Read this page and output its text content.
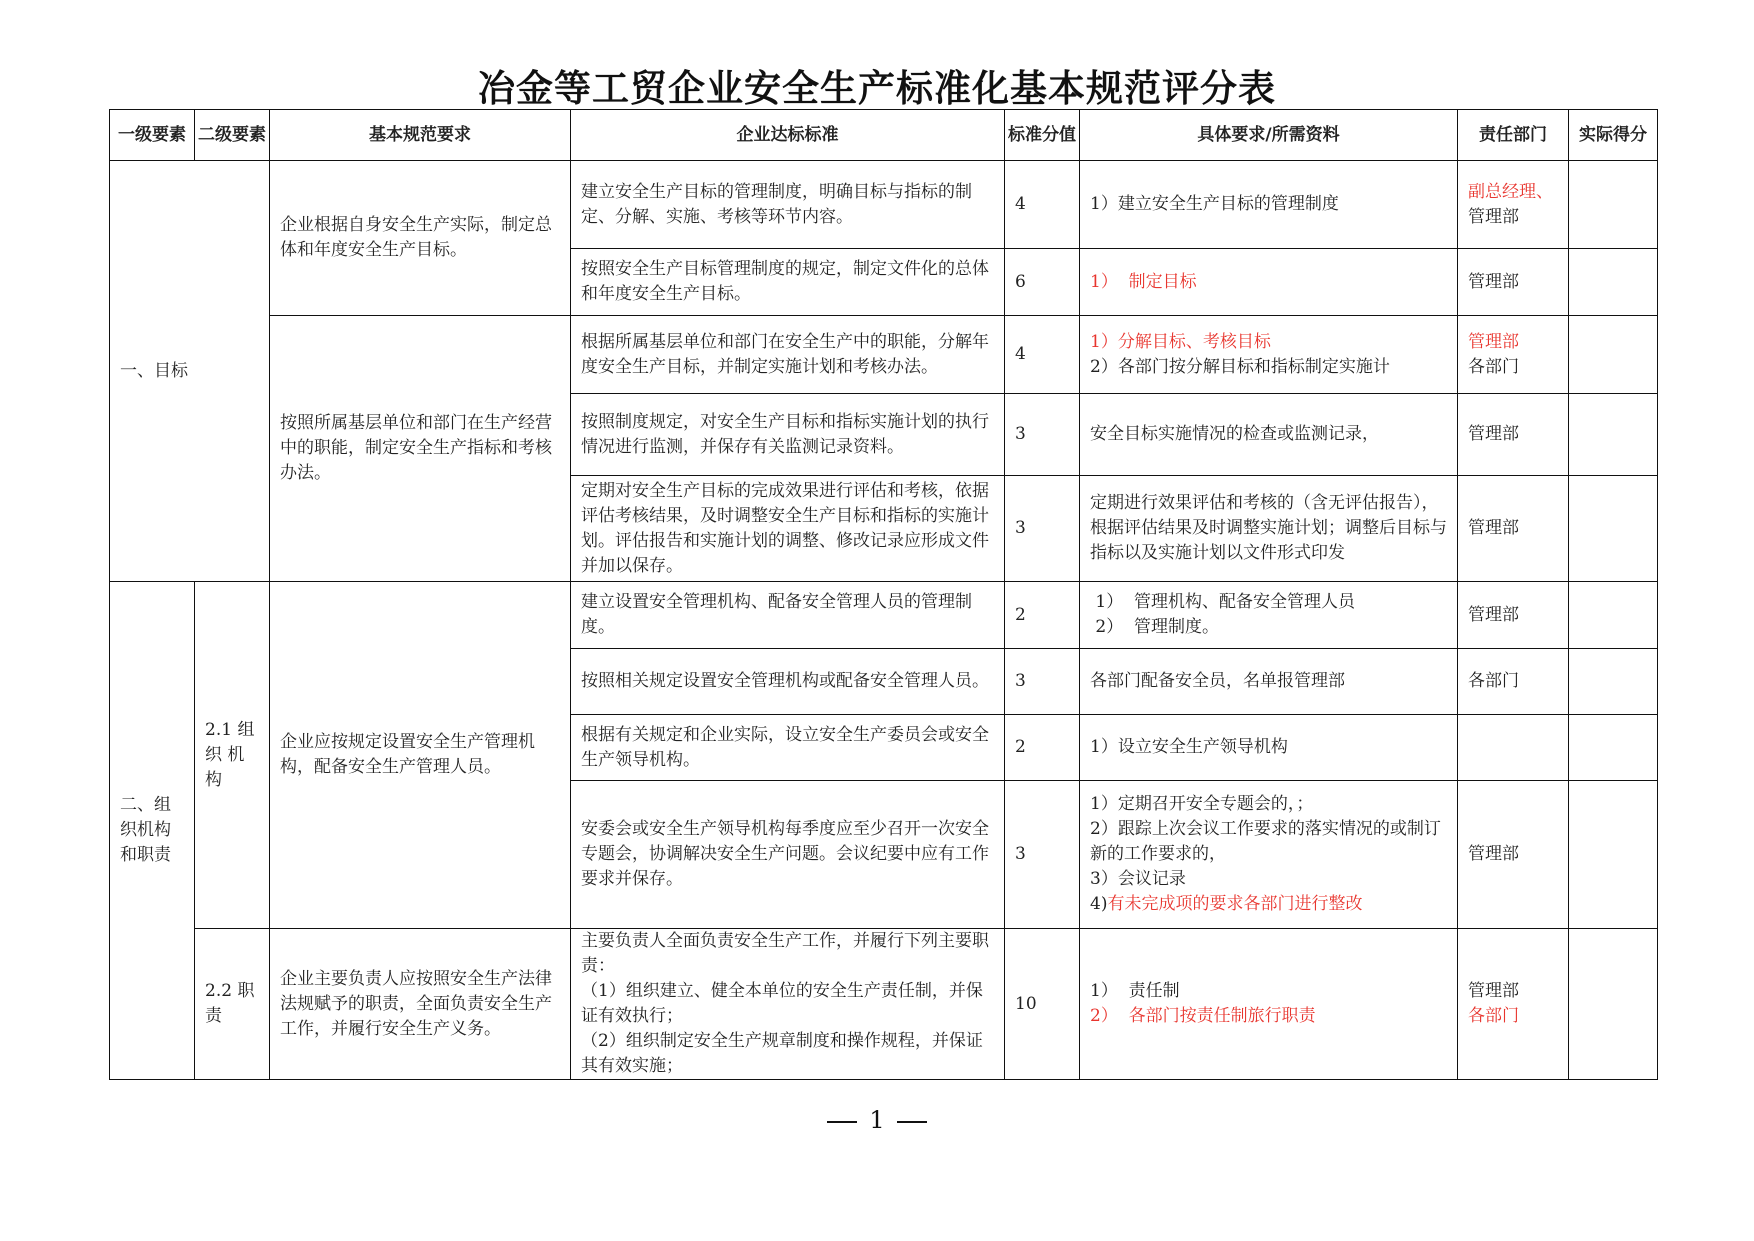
冶金等工贸企业安全生产标准化基本规范评分表
一级要素	二级要素	基本规范要求	企业达标标准	标准分值	具体要求/所需资料	责任部门	实际得分
一、目标		企业根据自身安全生产实际，制定总体和年度安全生产目标。	建立安全生产目标的管理制度，明确目标与指标的制定、分解、实施、考核等环节内容。	4	1）建立安全生产目标的管理制度	副总经理、
管理部	

			按照安全生产目标管理制度的规定，制定文件化的总体和年度安全生产目标。	6	1）  制定目标	管理部	
		按照所属基层单位和部门在生产经营中的职能，制定安全生产指标和考核办法。	根据所属基层单位和部门在安全生产中的职能，分解年度安全生产目标，并制定实施计划和考核办法。	4	1）分解目标、考核目标
2）各部门按分解目标和指标制定实施计	管理部
各部门	

			按照制度规定，对安全生产目标和指标实施计划的执行情况进行监测，并保存有关监测记录资料。	3	安全目标实施情况的检查或监测记录，	管理部	
			定期对安全生产目标的完成效果进行评估和考核，依据评估考核结果，及时调整安全生产目标和指标的实施计划。评估报告和实施计划的调整、修改记录应形成文件并加以保存。	3	定期进行效果评估和考核的（含无评估报告），根据评估结果及时调整实施计划；调整后目标与指标以及实施计划以文件形式印发	管理部	
二、组织机构和职责	2.1 组织 机构	企业应按规定设置安全生产管理机构，配备安全生产管理人员。	建立设置安全管理机构、配备安全管理人员的管理制度。	2	1）  管理机构、配备安全管理人员
2）  管理制度。	管理部	
			按照相关规定设置安全管理机构或配备安全管理人员。	3	各部门配备安全员，名单报管理部	各部门	
			根据有关规定和企业实际，设立安全生产委员会或安全生产领导机构。	2	1）设立安全生产领导机构		
			安委会或安全生产领导机构每季度应至少召开一次安全专题会，协调解决安全生产问题。会议纪要中应有工作要求并保存。	3	1）定期召开安全专题会的，；
2）跟踪上次会议工作要求的落实情况的或制订新的工作要求的，
3）会议记录
4)有未完成项的要求各部门进行整改	管理部	
	2.2 职责	企业主要负责人应按照安全生产法律法规赋予的职责，全面负责安全生产工作，并履行安全生产义务。	主要负责人全面负责安全生产工作，并履行下列主要职责：
（1）组织建立、健全本单位的安全生产责任制，并保证有效执行；
（2）组织制定安全生产规章制度和操作规程，并保证其有效实施；	10	1）  责任制
2）  各部门按责任制旅行职责	管理部
各部门	

1
